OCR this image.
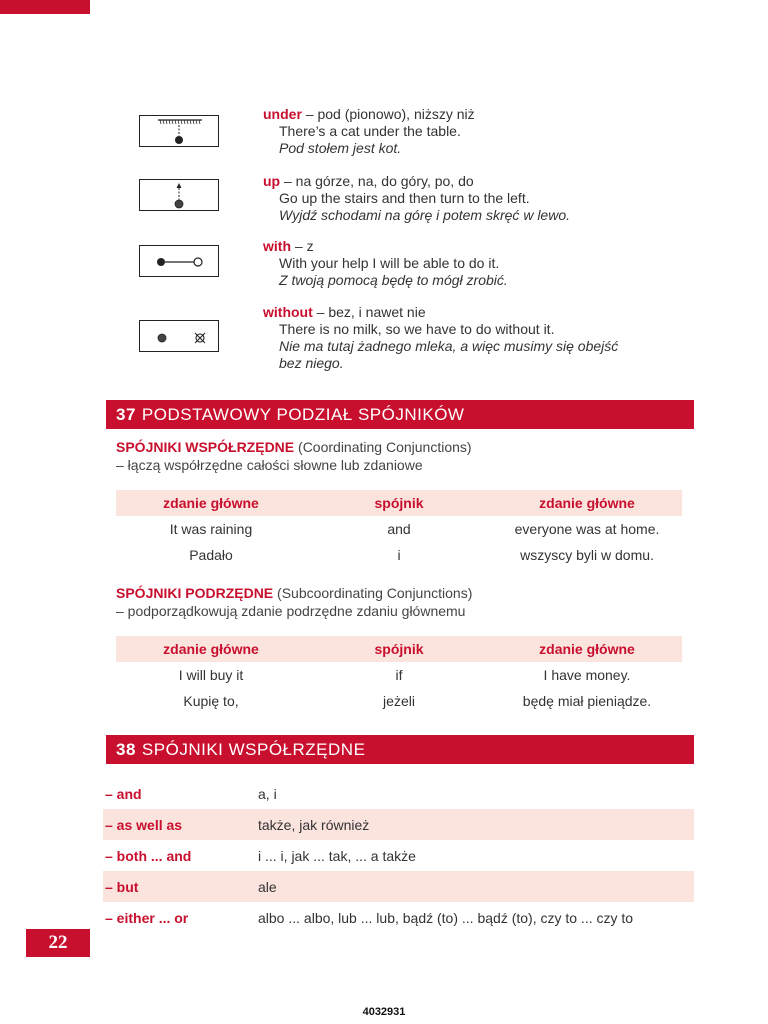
under – pod (pionowo), niższy niż
There’s a cat under the table.
Pod stołem jest kot.
up – na górze, na, do góry, po, do
Go up the stairs and then turn to the left.
Wyjdź schodami na górę i potem skręć w lewo.
with – z
With your help I will be able to do it.
Z twoją pomocą będę to mógł zrobić.
without – bez, i nawet nie
There is no milk, so we have to do without it.
Nie ma tutaj żadnego mleka, a więc musimy się obejść
bez niego.
37 PODSTAWOWY PODZIAŁ SPÓJNIKÓW
SPÓJNIKI WSPÓŁRZĘDNE (Coordinating Conjunctions)
– łączą współrzędne całości słowne lub zdaniowe
zdanie główne	spójnik	zdanie główne
It was raining	and	everyone was at home.
Padało	i	wszyscy byli w domu.
SPÓJNIKI PODRZĘDNE (Subcoordinating Conjunctions)
– podporządkowują zdanie podrzędne zdaniu głównemu
zdanie główne	spójnik	zdanie główne
I will buy it	if	I have money.
Kupię to,	jeżeli	będę miał pieniądze.
38 SPÓJNIKI WSPÓŁRZĘDNE
– and	a, i
– as well as	także, jak również
– both ... and	i ... i, jak ... tak, ... a także
– but	ale
– either ... or	albo ... albo, lub ... lub, bądź (to) ... bądź (to), czy to ... czy to
22
4032931
